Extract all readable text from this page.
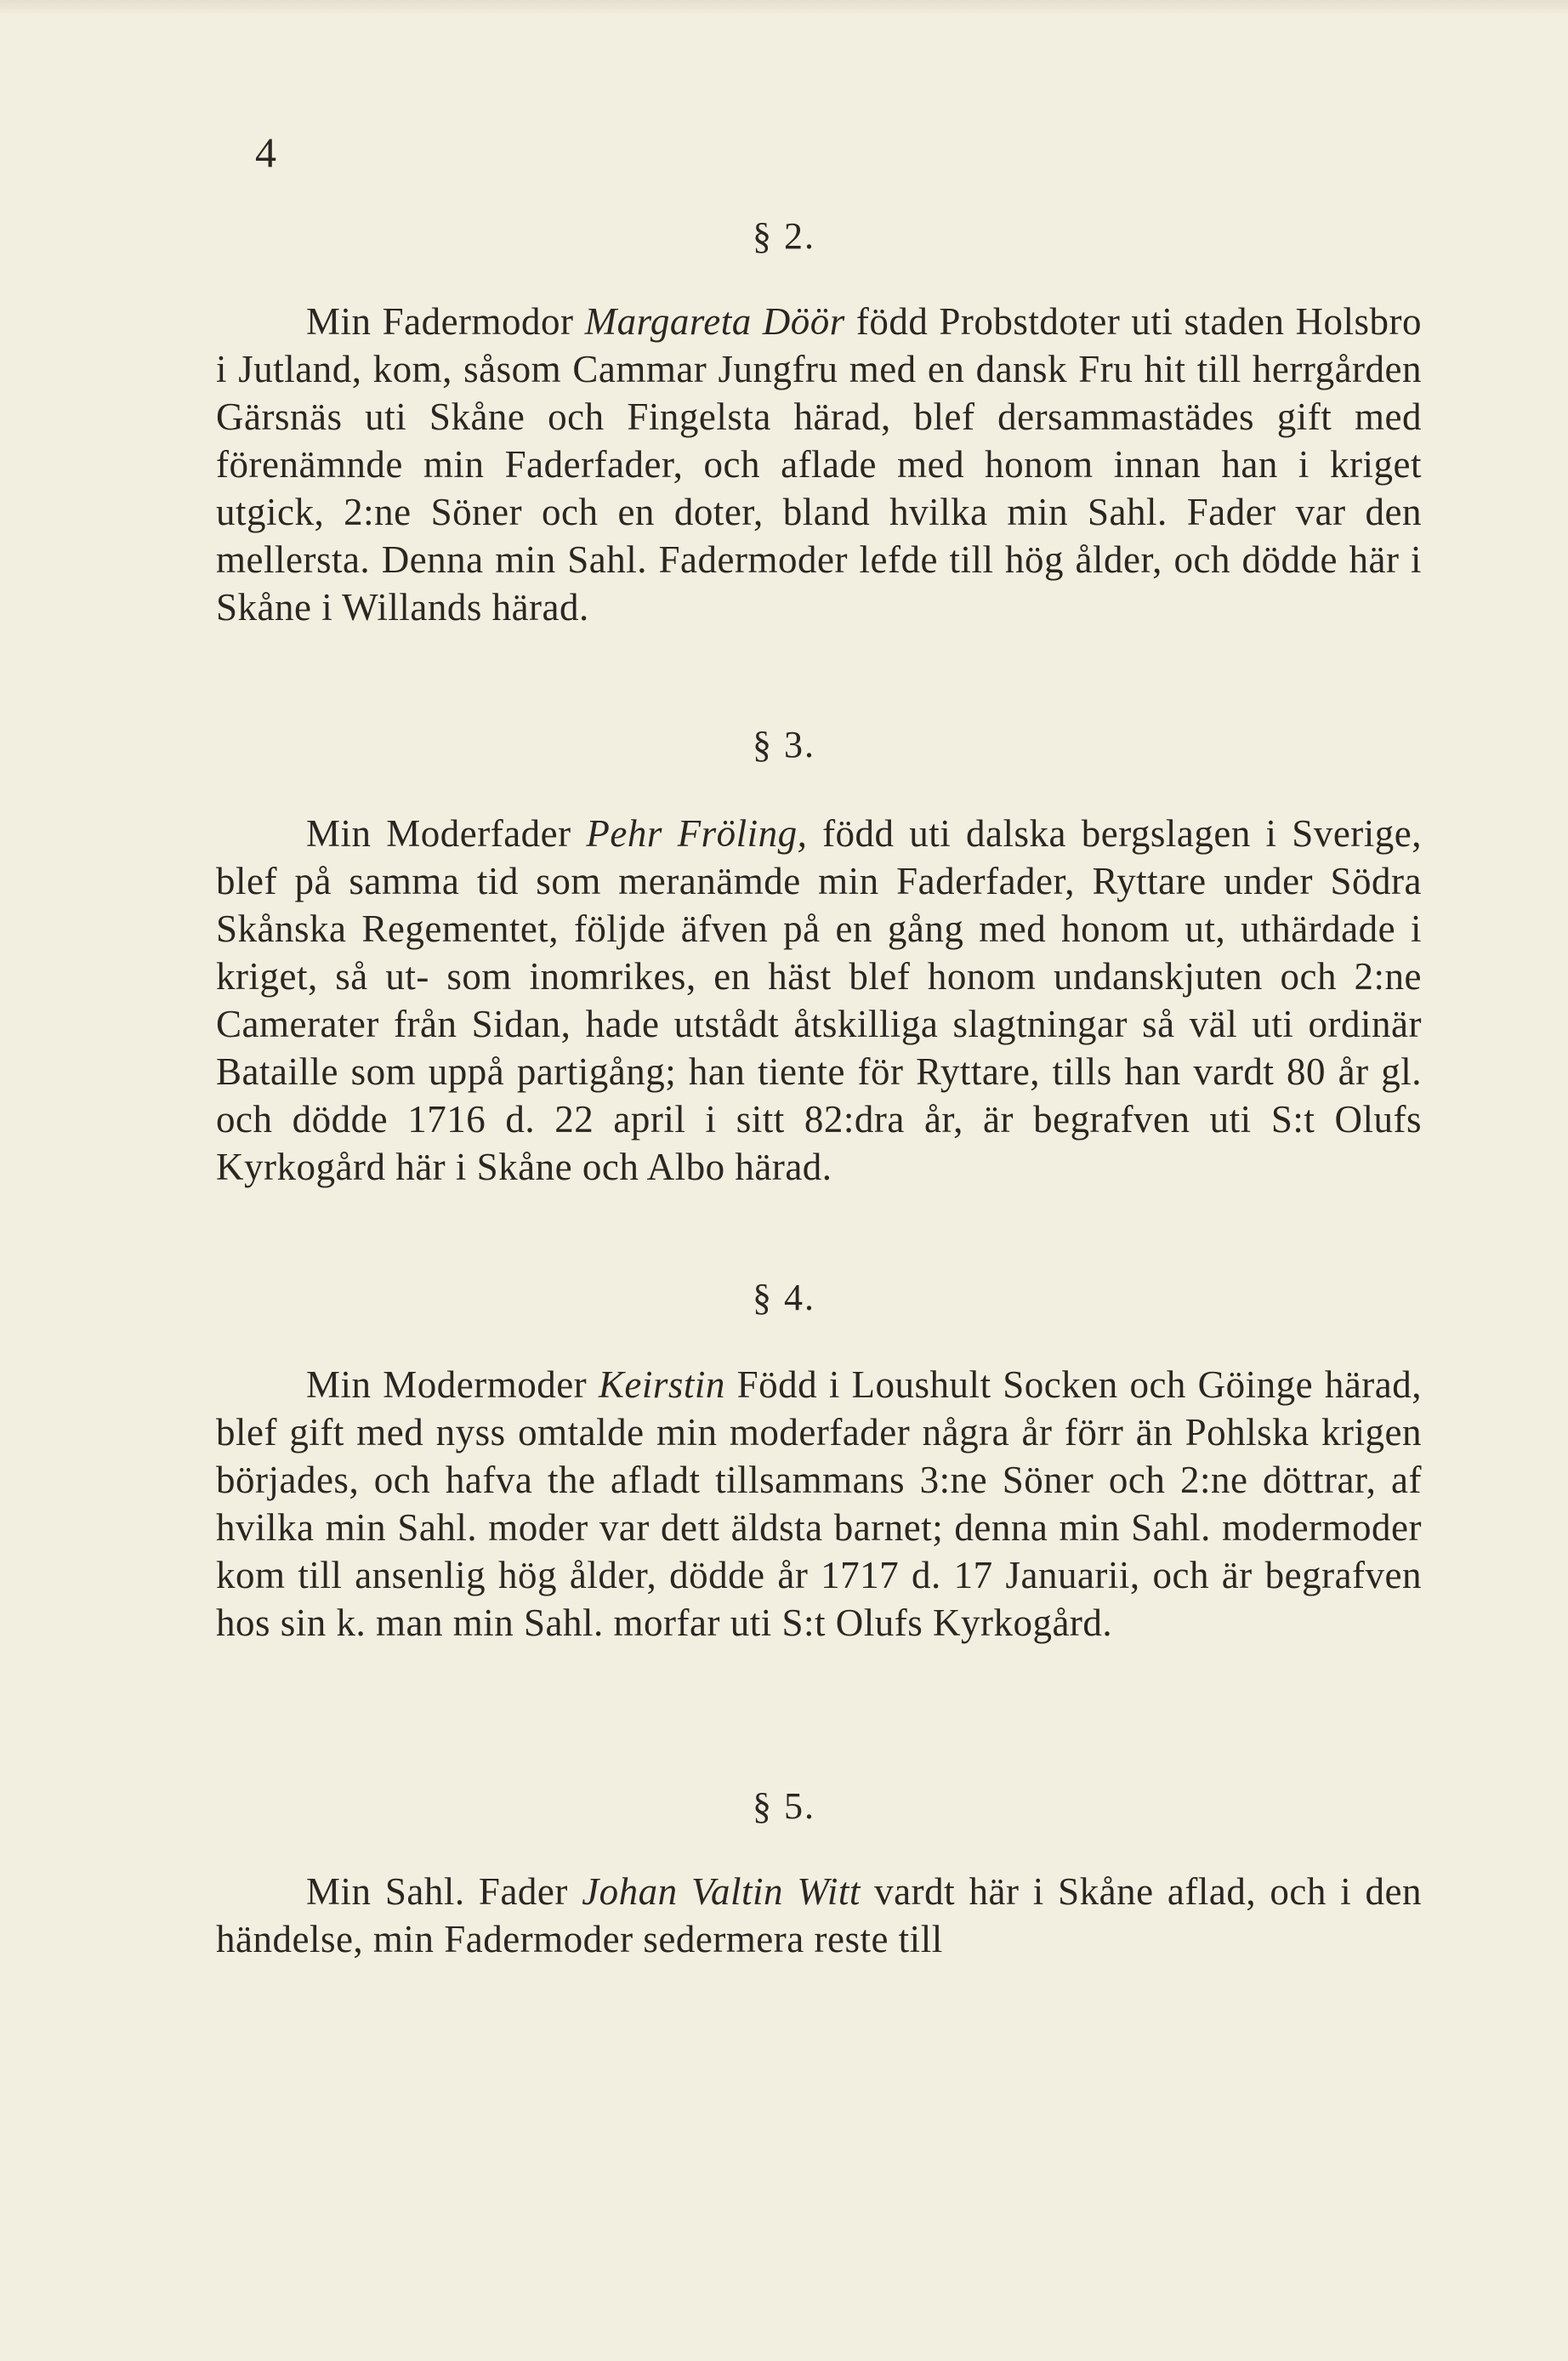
4
§ 2.

Min Fadermodor Margareta Döör född Probstdoter uti staden Holsbro i Jutland, kom, såsom Cammar Jungfru med en dansk Fru hit till herrgården Gärsnäs uti Skåne och Fingelsta härad, blef dersammastädes gift med förenämnde min Faderfader, och aflade med honom innan han i kriget utgick, 2:ne Söner och en doter, bland hvilka min Sahl. Fader var den mellersta. Denna min Sahl. Fadermoder lefde till hög ålder, och dödde här i Skåne i Willands härad.

§ 3.

Min Moderfader Pehr Fröling, född uti dalska bergslagen i Sverige, blef på samma tid som meranämde min Faderfader, Ryttare under Södra Skånska Regementet, följde äfven på en gång med honom ut, uthärdade i kriget, så ut- som inomrikes, en häst blef honom undanskjuten och 2:ne Camerater från Sidan, hade utstådt åtskilliga slagtningar så väl uti ordinär Bataille som uppå partigång; han tiente för Ryttare, tills han vardt 80 år gl. och dödde 1716 d. 22 april i sitt 82:dra år, är begrafven uti S:t Olufs Kyrkogård här i Skåne och Albo härad.

§ 4.

Min Modermoder Keirstin Född i Loushult Socken och Göinge härad, blef gift med nyss omtalde min moderfader några år förr än Pohlska krigen börjades, och hafva the afladt tillsammans 3:ne Söner och 2:ne döttrar, af hvilka min Sahl. moder var dett äldsta barnet; denna min Sahl. modermoder kom till ansenlig hög ålder, dödde år 1717 d. 17 Januarii, och är begrafven hos sin k. man min Sahl. morfar uti S:t Olufs Kyrkogård.

§ 5.

Min Sahl. Fader Johan Valtin Witt vardt här i Skåne aflad, och i den händelse, min Fadermoder sedermera reste till
